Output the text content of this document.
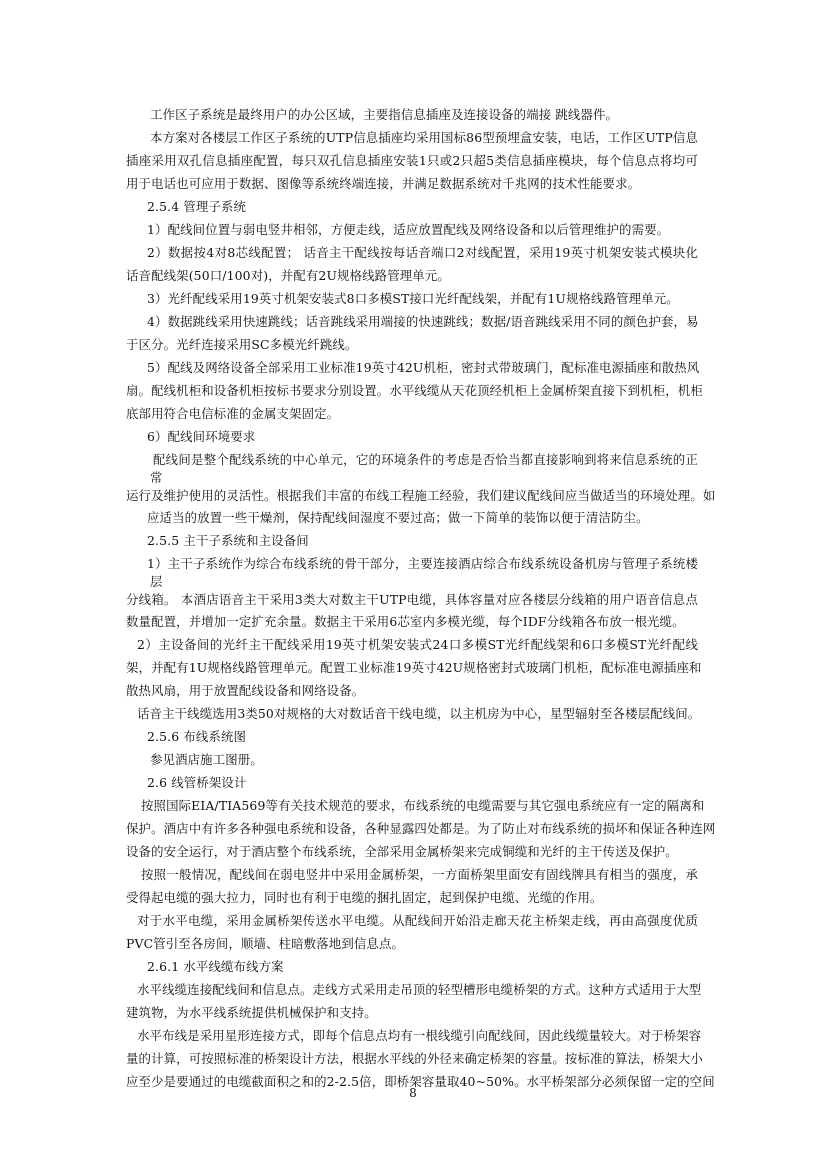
工作区子系统是最终用户的办公区域，主要指信息插座及连接设备的端接 跳线器件。
本方案对各楼层工作区子系统的UTP信息插座均采用国标86型预埋盒安装，电话，工作区UTP信息
插座采用双孔信息插座配置，每只双孔信息插座安装1只或2只超5类信息插座模块，每个信息点将均可
用于电话也可应用于数据、图像等系统终端连接，并满足数据系统对千兆网的技术性能要求。
2.5.4 管理子系统
1）配线间位置与弱电竖井相邻，方便走线，适应放置配线及网络设备和以后管理维护的需要。
2）数据按4对8芯线配置； 话音主干配线按每话音端口2对线配置，采用19英寸机架安装式模块化
话音配线架(50口/100对)，并配有2U规格线路管理单元。
3）光纤配线采用19英寸机架安装式8口多模ST接口光纤配线架，并配有1U规格线路管理单元。
4）数据跳线采用快速跳线；话音跳线采用端接的快速跳线；数据/语音跳线采用不同的颜色护套，易
于区分。光纤连接采用SC多模光纤跳线。
5）配线及网络设备全部采用工业标准19英寸42U机柜，密封式带玻璃门，配标准电源插座和散热风
扇。配线机柜和设备机柜按标书要求分别设置。水平线缆从天花顶经机柜上金属桥架直接下到机柜，机柜
底部用符合电信标准的金属支架固定。
6）配线间环境要求
配线间是整个配线系统的中心单元，它的环境条件的考虑是否恰当都直接影响到将来信息系统的正
常
运行及维护使用的灵活性。根据我们丰富的布线工程施工经验，我们建议配线间应当做适当的环境处理。如
应适当的放置一些干燥剂，保持配线间湿度不要过高；做一下简单的装饰以便于清洁防尘。
2.5.5 主干子系统和主设备间
1）主干子系统作为综合布线系统的骨干部分，主要连接酒店综合布线系统设备机房与管理子系统楼
层
分线箱。 本酒店语音主干采用3类大对数主干UTP电缆，具体容量对应各楼层分线箱的用户语音信息点
数量配置，并增加一定扩充余量。数据主干采用6芯室内多模光缆，每个IDF分线箱各布放一根光缆。
2）主设备间的光纤主干配线采用19英寸机架安装式24口多模ST光纤配线架和6口多模ST光纤配线
架，并配有1U规格线路管理单元。配置工业标准19英寸42U规格密封式玻璃门机柜，配标准电源插座和
散热风扇，用于放置配线设备和网络设备。
话音主干线缆选用3类50对规格的大对数话音干线电缆，以主机房为中心，星型辐射至各楼层配线间。
2.5.6 布线系统图
参见酒店施工图册。
2.6 线管桥架设计
按照国际EIA/TIA569等有关技术规范的要求，布线系统的电缆需要与其它强电系统应有一定的隔离和
保护。酒店中有许多各种强电系统和设备，各种显露四处都是。为了防止对布线系统的损坏和保证各种连网
设备的安全运行，对于酒店整个布线系统，全部采用金属桥架来完成铜缆和光纤的主干传送及保护。
按照一般情况，配线间在弱电竖井中采用金属桥架，一方面桥架里面安有固线牌具有相当的强度，承
受得起电缆的强大拉力，同时也有利于电缆的捆扎固定，起到保护电缆、光缆的作用。
对于水平电缆，采用金属桥架传送水平电缆。从配线间开始沿走廊天花主桥架走线，再由高强度优质
PVC管引至各房间，顺墙、柱暗敷落地到信息点。
2.6.1 水平线缆布线方案
水平线缆连接配线间和信息点。走线方式采用走吊顶的轻型槽形电缆桥架的方式。这种方式适用于大型
建筑物，为水平线系统提供机械保护和支持。
水平布线是采用星形连接方式，即每个信息点均有一根线缆引向配线间，因此线缆量较大。对于桥架容
量的计算，可按照标准的桥架设计方法，根据水平线的外径来确定桥架的容量。按标准的算法，桥架大小
应至少是要通过的电缆截面积之和的2-2.5倍，即桥架容量取40~50%。水平桥架部分必须保留一定的空间
8
